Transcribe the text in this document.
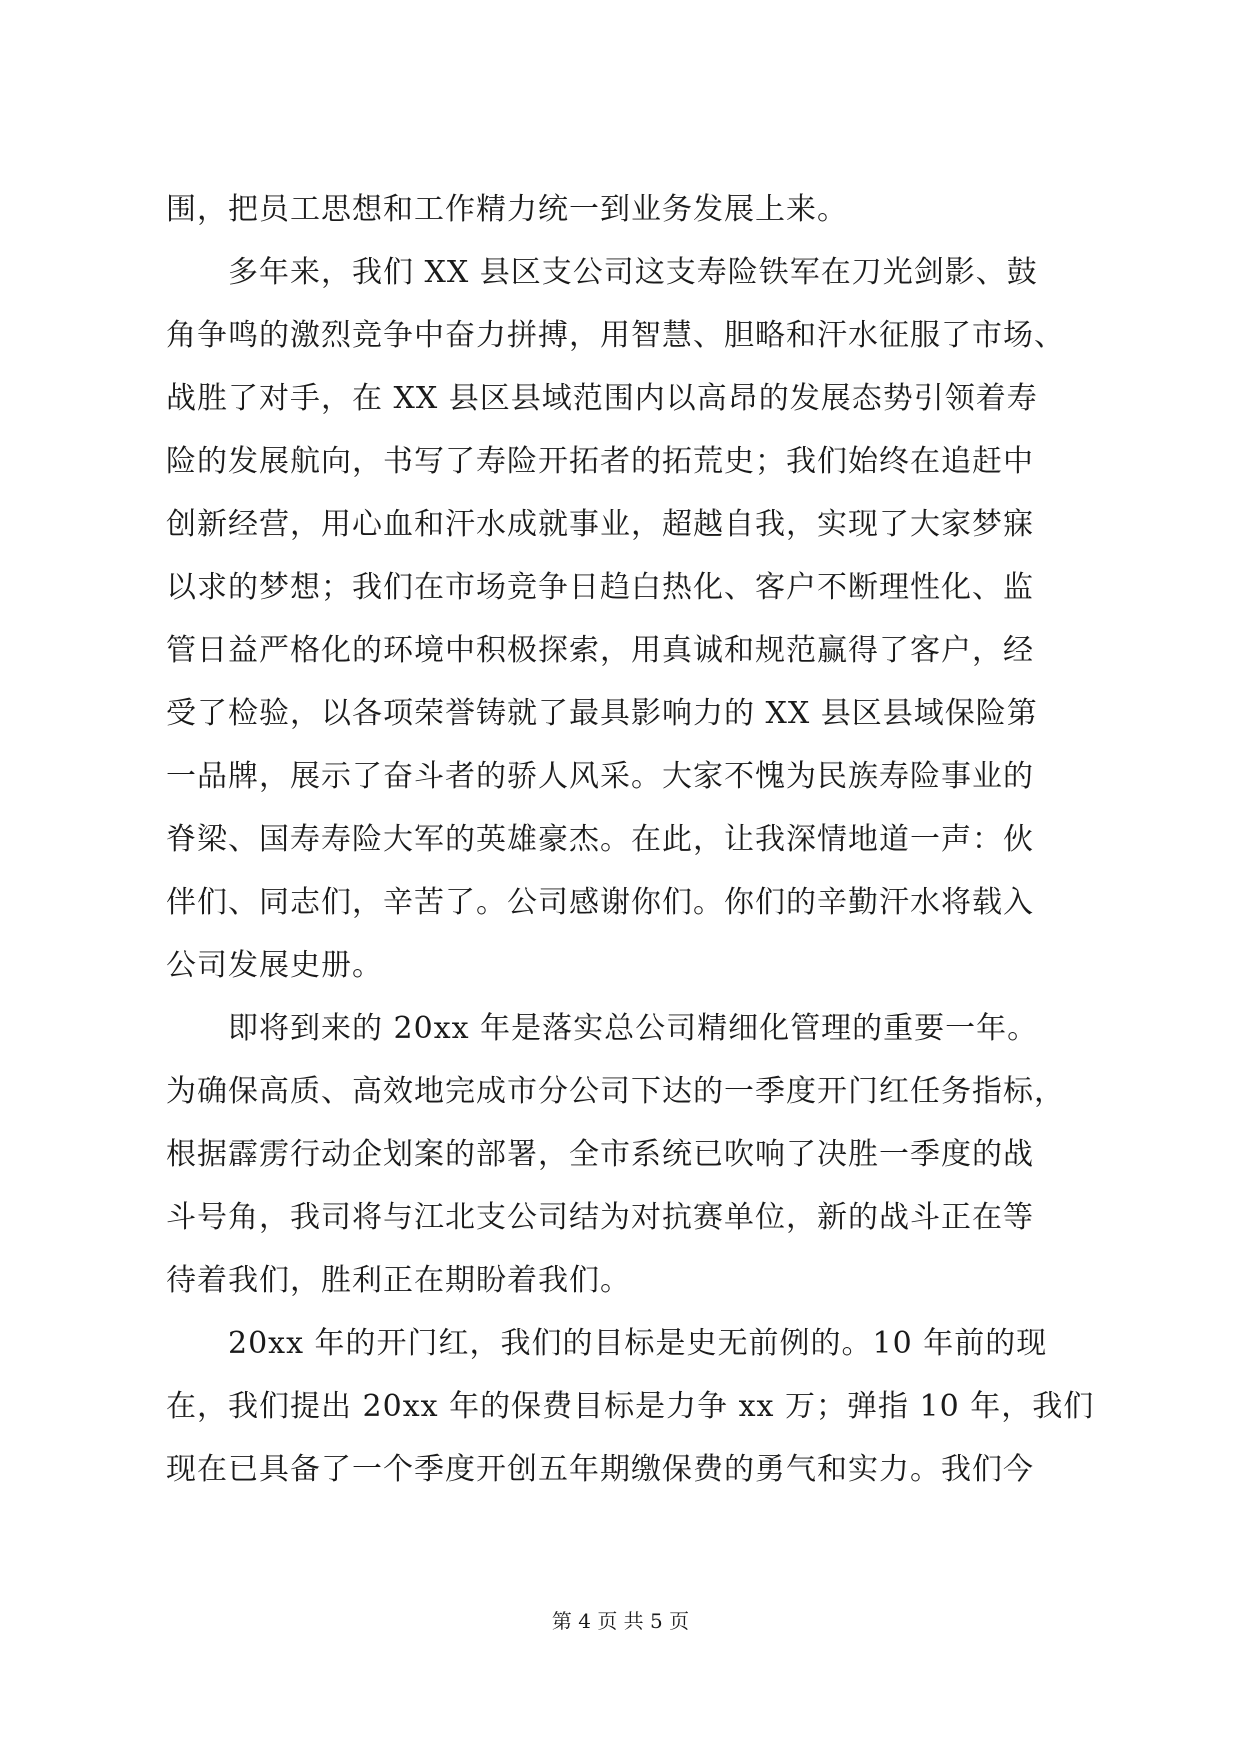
围，把员工思想和工作精力统一到业务发展上来。
多年来，我们 XX 县区支公司这支寿险铁军在刀光剑影、鼓
角争鸣的激烈竞争中奋力拼搏，用智慧、胆略和汗水征服了市场、
战胜了对手，在 XX 县区县域范围内以高昂的发展态势引领着寿
险的发展航向，书写了寿险开拓者的拓荒史；我们始终在追赶中
创新经营，用心血和汗水成就事业，超越自我，实现了大家梦寐
以求的梦想；我们在市场竞争日趋白热化、客户不断理性化、监
管日益严格化的环境中积极探索，用真诚和规范赢得了客户，经
受了检验，以各项荣誉铸就了最具影响力的 XX 县区县域保险第
一品牌，展示了奋斗者的骄人风采。大家不愧为民族寿险事业的
脊梁、国寿寿险大军的英雄豪杰。在此，让我深情地道一声：伙
伴们、同志们，辛苦了。公司感谢你们。你们的辛勤汗水将载入
公司发展史册。
即将到来的 20xx 年是落实总公司精细化管理的重要一年。
为确保高质、高效地完成市分公司下达的一季度开门红任务指标，
根据霹雳行动企划案的部署，全市系统已吹响了决胜一季度的战
斗号角，我司将与江北支公司结为对抗赛单位，新的战斗正在等
待着我们，胜利正在期盼着我们。
20xx 年的开门红，我们的目标是史无前例的。10 年前的现
在，我们提出 20xx 年的保费目标是力争 xx 万；弹指 10 年，我们
现在已具备了一个季度开创五年期缴保费的勇气和实力。我们今
第 4 页 共 5 页
